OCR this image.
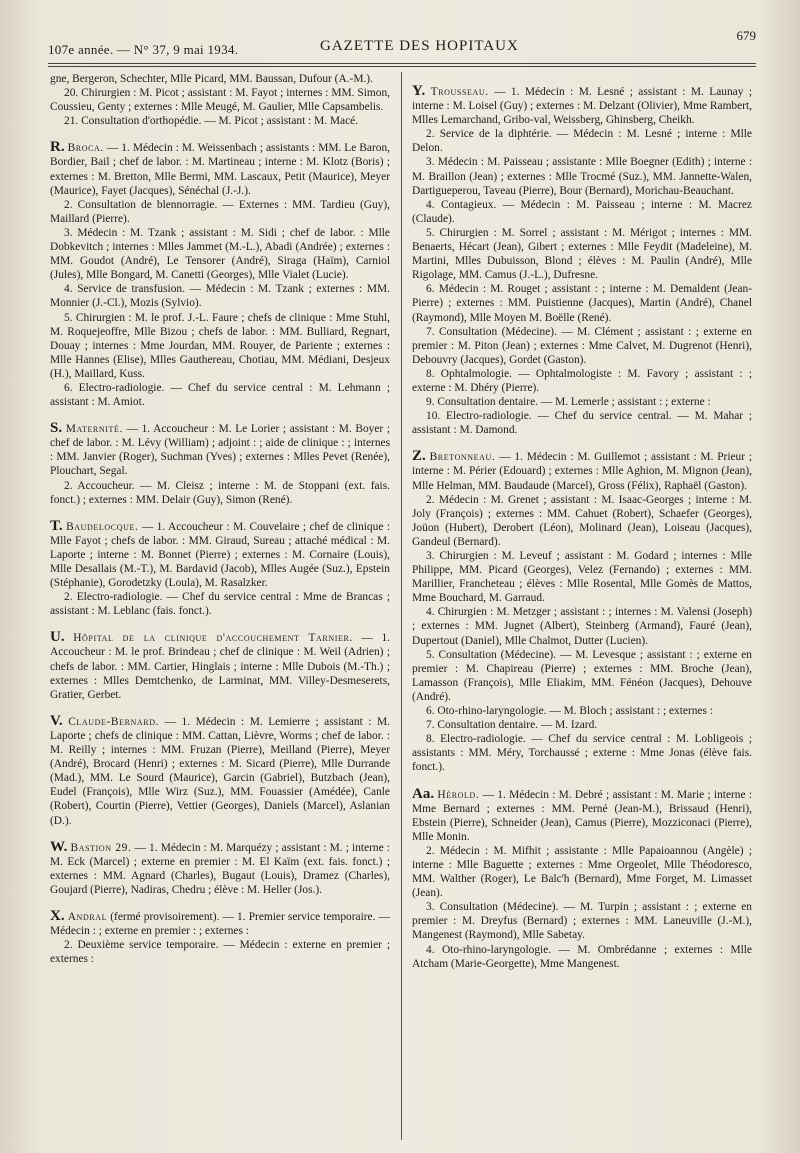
107e année. — N° 37, 9 mai 1934.	GAZETTE DES HOPITAUX
679

gne, Bergeron, Schechter, Mlle Picard, MM. Baussan, Dufour (A.-M.).

20. Chirurgien : M. Picot ; assistant : M. Fayot ; internes : MM. Simon, Coussieu, Genty ; externes : Mlle Meugé, M. Gaulier, Mlle Capsambelis.

21. Consultation d'orthopédie. — M. Picot ; assistant : M. Macé.

R. Broca. — 1. Médecin : M. Weissenbach ; assistants : MM. Le Baron, Bordier, Bail ; chef de labor. : M. Martineau ; interne : M. Klotz (Boris) ; externes : M. Bretton, Mlle Bermi, MM. Lascaux, Petit (Maurice), Meyer (Maurice), Fayet (Jacques), Sénéchal (J.-J.).

2. Consultation de blennorragie. — Externes : MM. Tardieu (Guy), Maillard (Pierre).

3. Médecin : M. Tzank ; assistant : M. Sidi ; chef de labor. : Mlle Dobkevitch ; internes : Mlles Jammet (M.-L.), Abadi (Andrée) ; externes : MM. Goudot (André), Le Tensorer (André), Siraga (Haïm), Carniol (Jules), Mlle Bongard, M. Canetti (Georges), Mlle Vialet (Lucie).

4. Service de transfusion. — Médecin : M. Tzank ; externes : MM. Monnier (J.-Cl.), Mozis (Sylvio).

5. Chirurgien : M. le prof. J.-L. Faure ; chefs de clinique : Mme Stuhl, M. Roquejeoffre, Mlle Bizou ; chefs de labor. : MM. Bulliard, Regnart, Douay ; internes : Mme Jourdan, MM. Rouyer, de Pariente ; externes : Mlle Hannes (Elise), Mlles Gauthereau, Chotiau, MM. Médiani, Desjeux (H.), Maillard, Kuss.

6. Electro-radiologie. — Chef du service central : M. Lehmann ; assistant : M. Amiot.

S. Maternité. — 1. Accoucheur : M. Le Lorier ; assistant : M. Boyer ; chef de labor. : M. Lévy (William) ; adjoint : ; aide de clinique : ; internes : MM. Janvier (Roger), Suchman (Yves) ; externes : Mlles Pevet (Renée), Plouchart, Segal.

2. Accoucheur. — M. Cleisz ; interne : M. de Stoppani (ext. fais. fonct.) ; externes : MM. Delair (Guy), Simon (René).

T. Baudelocque. — 1. Accoucheur : M. Couvelaire ; chef de clinique : Mlle Fayot ; chefs de labor. : MM. Giraud, Sureau ; attaché médical : M. Laporte ; interne : M. Bonnet (Pierre) ; externes : M. Cornaire (Louis), Mlle Desallais (M.-T.), M. Bardavid (Jacob), Mlles Augée (Suz.), Epstein (Stéphanie), Gorodetzky (Loula), M. Rasalzker.

2. Electro-radiologie. — Chef du service central : Mme de Brancas ; assistant : M. Leblanc (fais. fonct.).

U. Hôpital de la clinique d'accouchement Tarnier. — 1. Accoucheur : M. le prof. Brindeau ; chef de clinique : M. Weil (Adrien) ; chefs de labor. : MM. Cartier, Hinglais ; interne : Mlle Dubois (M.-Th.) ; externes : Mlles Demtchenko, de Larminat, MM. Villey-Desmeserets, Gratier, Gerbet.

V. Claude-Bernard. — 1. Médecin : M. Lemierre ; assistant : M. Laporte ; chefs de clinique : MM. Cattan, Lièvre, Worms ; chef de labor. : M. Reilly ; internes : MM. Fruzan (Pierre), Meilland (Pierre), Meyer (André), Brocard (Henri) ; externes : M. Sicard (Pierre), Mlle Durrande (Mad.), MM. Le Sourd (Maurice), Garcin (Gabriel), Butzbach (Jean), Eudel (François), Mlle Wirz (Suz.), MM. Fouassier (Amédée), Canle (Robert), Courtin (Pierre), Vettier (Georges), Daniels (Marcel), Aslanian (D.).

W. Bastion 29. — 1. Médecin : M. Marquézy ; assistant : M. ; interne : M. Eck (Marcel) ; externe en premier : M. El Kaïm (ext. fais. fonct.) ; externes : MM. Agnard (Charles), Bugaut (Louis), Dramez (Charles), Goujard (Pierre), Nadiras, Chedru ; élève : M. Heller (Jos.).

X. Andral (fermé provisoirement). — 1. Premier service temporaire. — Médecin : ; externe en premier : ; externes :

2. Deuxième service temporaire. — Médecin : externe en premier ; externes :

Y. Trousseau. — 1. Médecin : M. Lesné ; assistant : M. Launay ; interne : M. Loisel (Guy) ; externes : M. Delzant (Olivier), Mme Rambert, Mlles Lemarchand, Gribo-val, Weissberg, Ghinsberg, Cheikh.

2. Service de la diphtérie. — Médecin : M. Lesné ; interne : Mlle Delon.

3. Médecin : M. Paisseau ; assistante : Mlle Boegner (Edith) ; interne : M. Braillon (Jean) ; externes : Mlle Trocmé (Suz.), MM. Jannette-Walen, Dartigueperou, Taveau (Pierre), Bour (Bernard), Morichau-Beauchant.

4. Contagieux. — Médecin : M. Paisseau ; interne : M. Macrez (Claude).

5. Chirurgien : M. Sorrel ; assistant : M. Mérigot ; internes : MM. Benaerts, Hécart (Jean), Gibert ; externes : Mlle Feydit (Madeleine), M. Martini, Mlles Dubuisson, Blond ; élèves : M. Paulin (André), Mlle Rigolage, MM. Camus (J.-L.), Dufresne.

6. Médecin : M. Rouget ; assistant : ; interne : M. Demaldent (Jean-Pierre) ; externes : MM. Puistienne (Jacques), Martin (André), Chanel (Raymond), Mlle Moyen M. Boëlle (René).

7. Consultation (Médecine). — M. Clément ; assistant : ; externe en premier : M. Piton (Jean) ; externes : Mme Calvet, M. Dugrenot (Henri), Debouvry (Jacques), Gordet (Gaston).

8. Ophtalmologie. — Ophtalmologiste : M. Favory ; assistant : ; externe : M. Dhéry (Pierre).

9. Consultation dentaire. — M. Lemerle ; assistant : ; externe :

10. Electro-radiologie. — Chef du service central. — M. Mahar ; assistant : M. Damond.

Z. Bretonneau. — 1. Médecin : M. Guillemot ; assistant : M. Prieur ; interne : M. Périer (Edouard) ; externes : Mlle Aghion, M. Mignon (Jean), Mlle Helman, MM. Baudaude (Marcel), Gross (Félix), Raphaël (Gaston).

2. Médecin : M. Grenet ; assistant : M. Isaac-Georges ; interne : M. Joly (François) ; externes : MM. Cahuet (Robert), Schaefer (Georges), Joüon (Hubert), Derobert (Léon), Molinard (Jean), Loiseau (Jacques), Gandeul (Bernard).

3. Chirurgien : M. Leveuf ; assistant : M. Godard ; internes : Mlle Philippe, MM. Picard (Georges), Velez (Fernando) ; externes : MM. Marillier, Francheteau ; élèves : Mlle Rosental, Mlle Gomès de Mattos, Mme Bouchard, M. Garraud.

4. Chirurgien : M. Metzger ; assistant : ; internes : M. Valensi (Joseph) ; externes : MM. Jugnet (Albert), Steinberg (Armand), Fauré (Jean), Dupertout (Daniel), Mlle Chalmot, Dutter (Lucien).

5. Consultation (Médecine). — M. Levesque ; assistant : ; externe en premier : M. Chapireau (Pierre) ; externes : MM. Broche (Jean), Lamasson (François), Mlle Eliakim, MM. Fénéon (Jacques), Dehouve (André).

6. Oto-rhino-laryngologie. — M. Bloch ; assistant : ; externes :

7. Consultation dentaire. — M. Izard.

8. Electro-radiologie. — Chef du service central : M. Lobligeois ; assistants : MM. Méry, Torchaussé ; externe : Mme Jonas (élève fais. fonct.).

Aa. Hérold. — 1. Médecin : M. Debré ; assistant : M. Marie ; interne : Mme Bernard ; externes : MM. Perné (Jean-M.), Brissaud (Henri), Ebstein (Pierre), Schneider (Jean), Camus (Pierre), Mozziconaci (Pierre), Mlle Monin.

2. Médecin : M. Mifhit ; assistante : Mlle Papaioannou (Angèle) ; interne : Mlle Baguette ; externes : Mme Orgeolet, Mlle Théodoresco, MM. Walther (Roger), Le Balc'h (Bernard), Mme Forget, M. Limasset (Jean).

3. Consultation (Médecine). — M. Turpin ; assistant : ; externe en premier : M. Dreyfus (Bernard) ; externes : MM. Laneuville (J.-M.), Mangenest (Raymond), Mlle Sabetay.

4. Oto-rhino-laryngologie. — M. Ombrédanne ; externes : Mlle Atcham (Marie-Georgette), Mme Mangenest.
